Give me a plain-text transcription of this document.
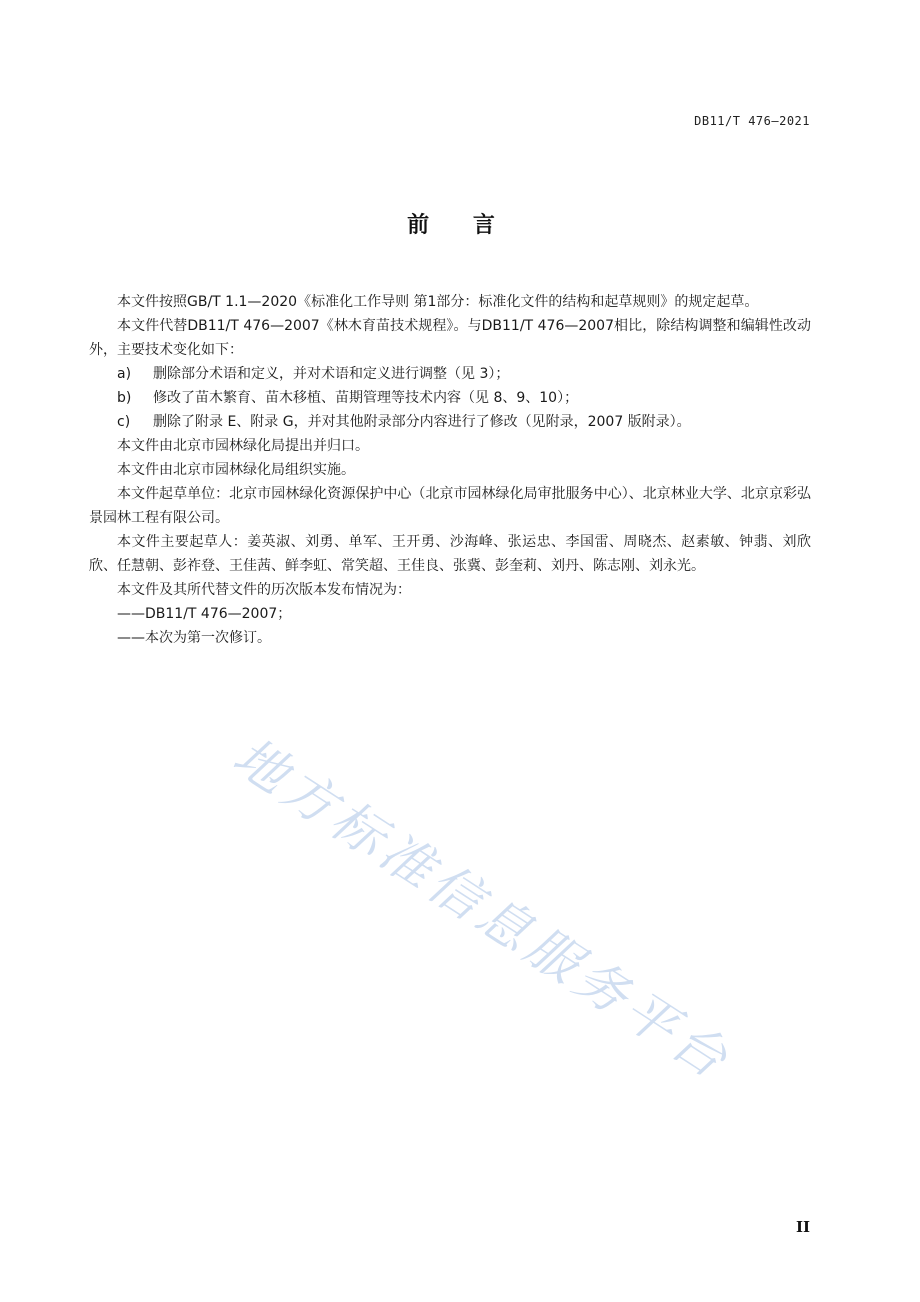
DB11/T 476—2021
前 言

本文件按照GB/T 1.1—2020《标准化工作导则 第1部分：标准化文件的结构和起草规则》的规定起草。

本文件代替DB11/T 476—2007《林木育苗技术规程》。与DB11/T 476—2007相比，除结构调整和编辑性改动外，主要技术变化如下：

a)	删除部分术语和定义，并对术语和定义进行调整（见 3）；
b)	修改了苗木繁育、苗木移植、苗期管理等技术内容（见 8、9、10）；
c)	删除了附录 E、附录 G，并对其他附录部分内容进行了修改（见附录，2007 版附录）。

本文件由北京市园林绿化局提出并归口。

本文件由北京市园林绿化局组织实施。

本文件起草单位：北京市园林绿化资源保护中心（北京市园林绿化局审批服务中心）、北京林业大学、北京京彩弘景园林工程有限公司。

本文件主要起草人：姜英淑、刘勇、单军、王开勇、沙海峰、张运忠、李国雷、周晓杰、赵素敏、钟翡、刘欣欣、任慧朝、彭祚登、王佳茜、鲜李虹、常笑超、王佳良、张冀、彭奎莉、刘丹、陈志刚、刘永光。

本文件及其所代替文件的历次版本发布情况为：

——DB11/T 476—2007；

——本次为第一次修订。

地方标准信息服务平台
II
